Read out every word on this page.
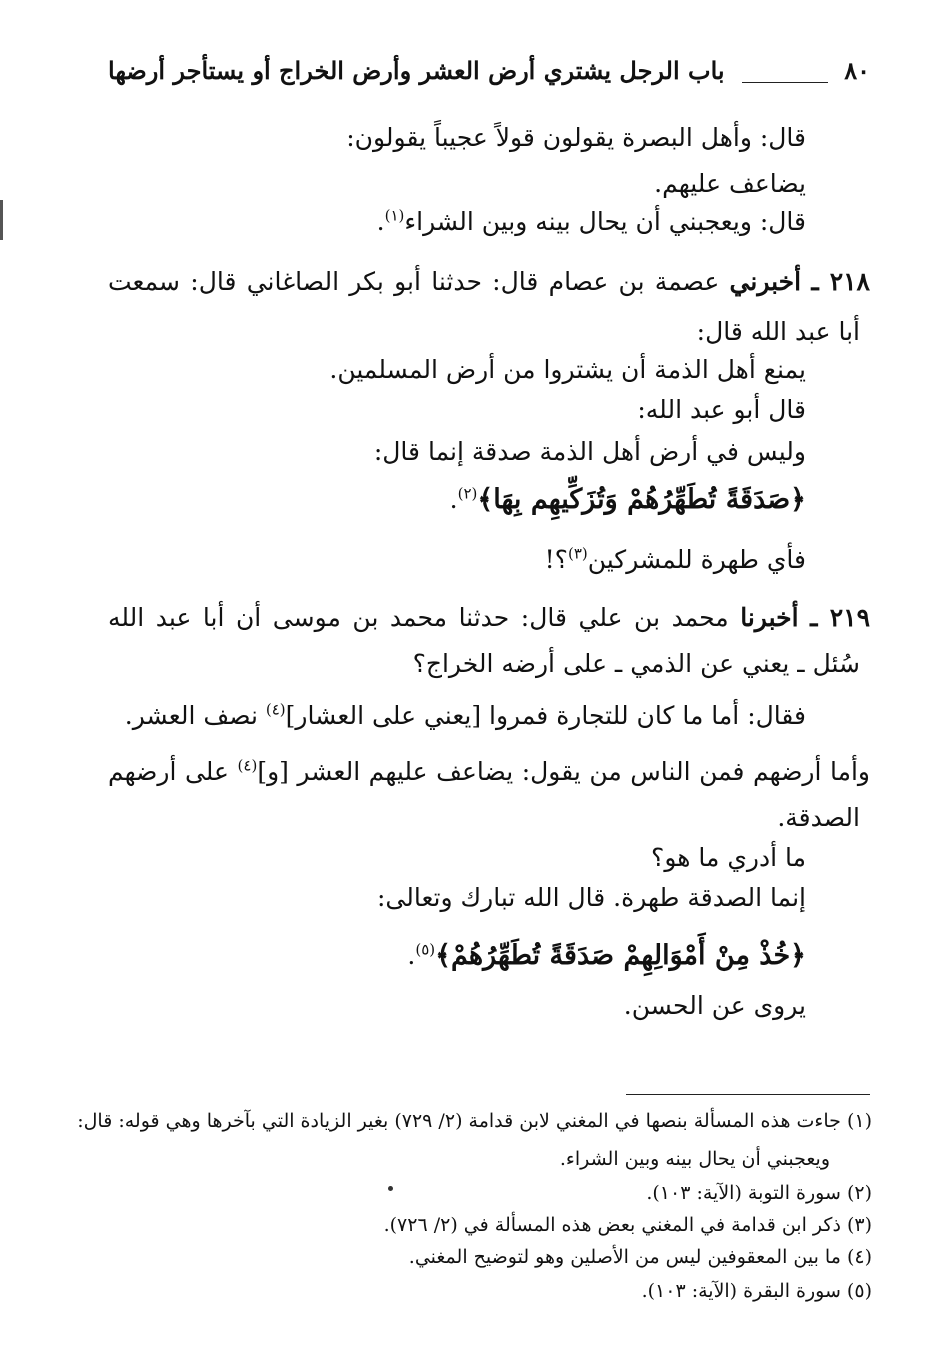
٨٠
باب الرجل يشتري أرض العشر وأرض الخراج أو يستأجر أرضها
قال: وأهل البصرة يقولون قولاً عجيباً يقولون:
يضاعف عليهم.
قال: ويعجبني أن يحال بينه وبين الشراء$^{(١)}$.
٢١٨ ـ أخبرني عصمة بن عصام قال: حدثنا أبو بكر الصاغاني قال: سمعت
أبا عبد الله قال:
يمنع أهل الذمة أن يشتروا من أرض المسلمين.
قال أبو عبد الله:
وليس في أرض أهل الذمة صدقة إنما قال:
﴿صَدَقَةً تُطَهِّرُهُمْ وَتُزَكِّيهِم بِهَا﴾$^{(٢)}$.
فأي طهرة للمشركين$^{(٣)}$؟!
٢١٩ ـ أخبرنا محمد بن علي قال: حدثنا محمد بن موسى أن أبا عبد الله
سُئل ـ يعني عن الذمي ـ على أرضه الخراج؟
فقال: أما ما كان للتجارة فمروا [يعني على العشار]$^{(٤)}$ نصف العشر.
وأما أرضهم فمن الناس من يقول: يضاعف عليهم العشر [و]$^{(٤)}$ على أرضهم
الصدقة.
ما أدري ما هو؟
إنما الصدقة طهرة. قال الله تبارك وتعالى:
﴿خُذْ مِنْ أَمْوَالِهِمْ صَدَقَةً تُطَهِّرُهُمْ﴾$^{(٥)}$.
يروى عن الحسن.
(١) جاءت هذه المسألة بنصها في المغني لابن قدامة (٢/ ٧٢٩) بغير الزيادة التي بآخرها وهي قوله: قال:
ويعجبني أن يحال بينه وبين الشراء.
(٢) سورة التوبة (الآية: ١٠٣).
(٣) ذكر ابن قدامة في المغني بعض هذه المسألة في (٢/ ٧٢٦).
(٤) ما بين المعقوفين ليس من الأصلين وهو لتوضيح المغني.
(٥) سورة البقرة (الآية: ١٠٣).
